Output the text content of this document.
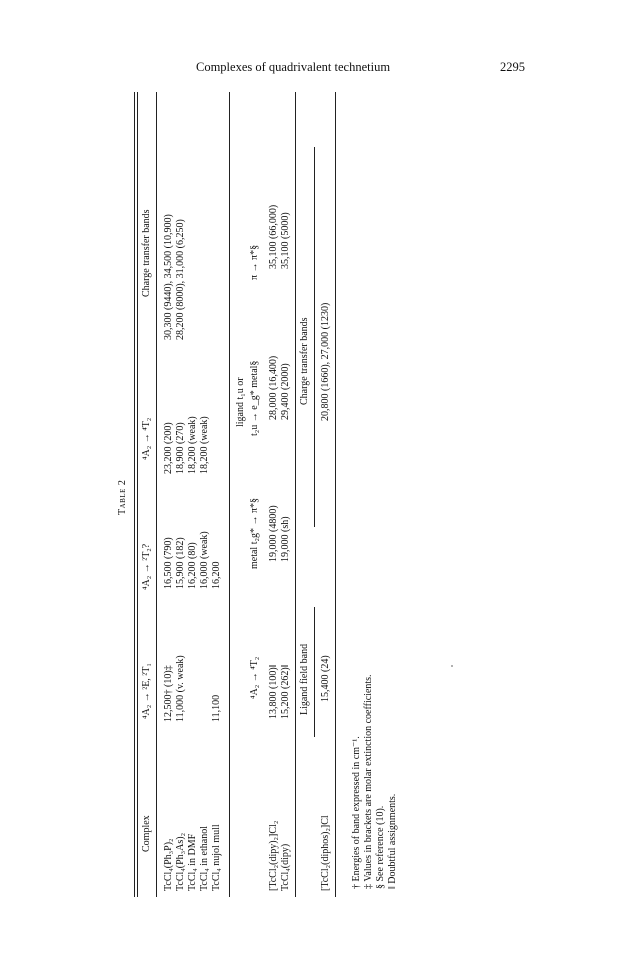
Complexes of quadrivalent technetium	2295
Table 2
Complex
⁴A₂ → ²E, ²T₁
⁴A₂ → ²T₂?
⁴A₂ → ⁴T₂
Charge transfer bands
TcCl₄(Ph₃P)₂
12,500† (10)‡
16,500 (790)
23,200 (200)
30,300 (9440), 34,500 (10,900)
TcCl₄(Ph₃As)₂
11,000 (v. weak)
15,900 (182)
18,900 (270)
28,200 (8000), 31,000 (6,250)
TcCl₄ in DMF
16,200 (80)
18,200 (weak)
TcCl₄ in ethanol
16,000 (weak)
18,200 (weak)
TcCl₄ nujol mull
11,100
16,200
⁴A₂ → ⁴T₂
metal t₂g* → π*§
ligand t₁u or t₂u → e_g* metal§
π → π*§
[TcCl₂(dipy)₂]Cl₂
13,800 (100)‖
19,000 (4800)
28,000 (16,400)
35,100 (66,000)
TcCl₄(dipy)
15,200 (262)‖
19,000 (sh)
29,400 (2000)
35,100 (5000)
Ligand field band
Charge transfer bands
[TcCl₂(diphos)₂]Cl
15,400 (24)
20,800 (1660), 27,000 (1230)
† Energies of band expressed in cm⁻¹. ‡ Values in brackets are molar extinction coefficients. § See reference (10). ‖ Doubtful assignments.
